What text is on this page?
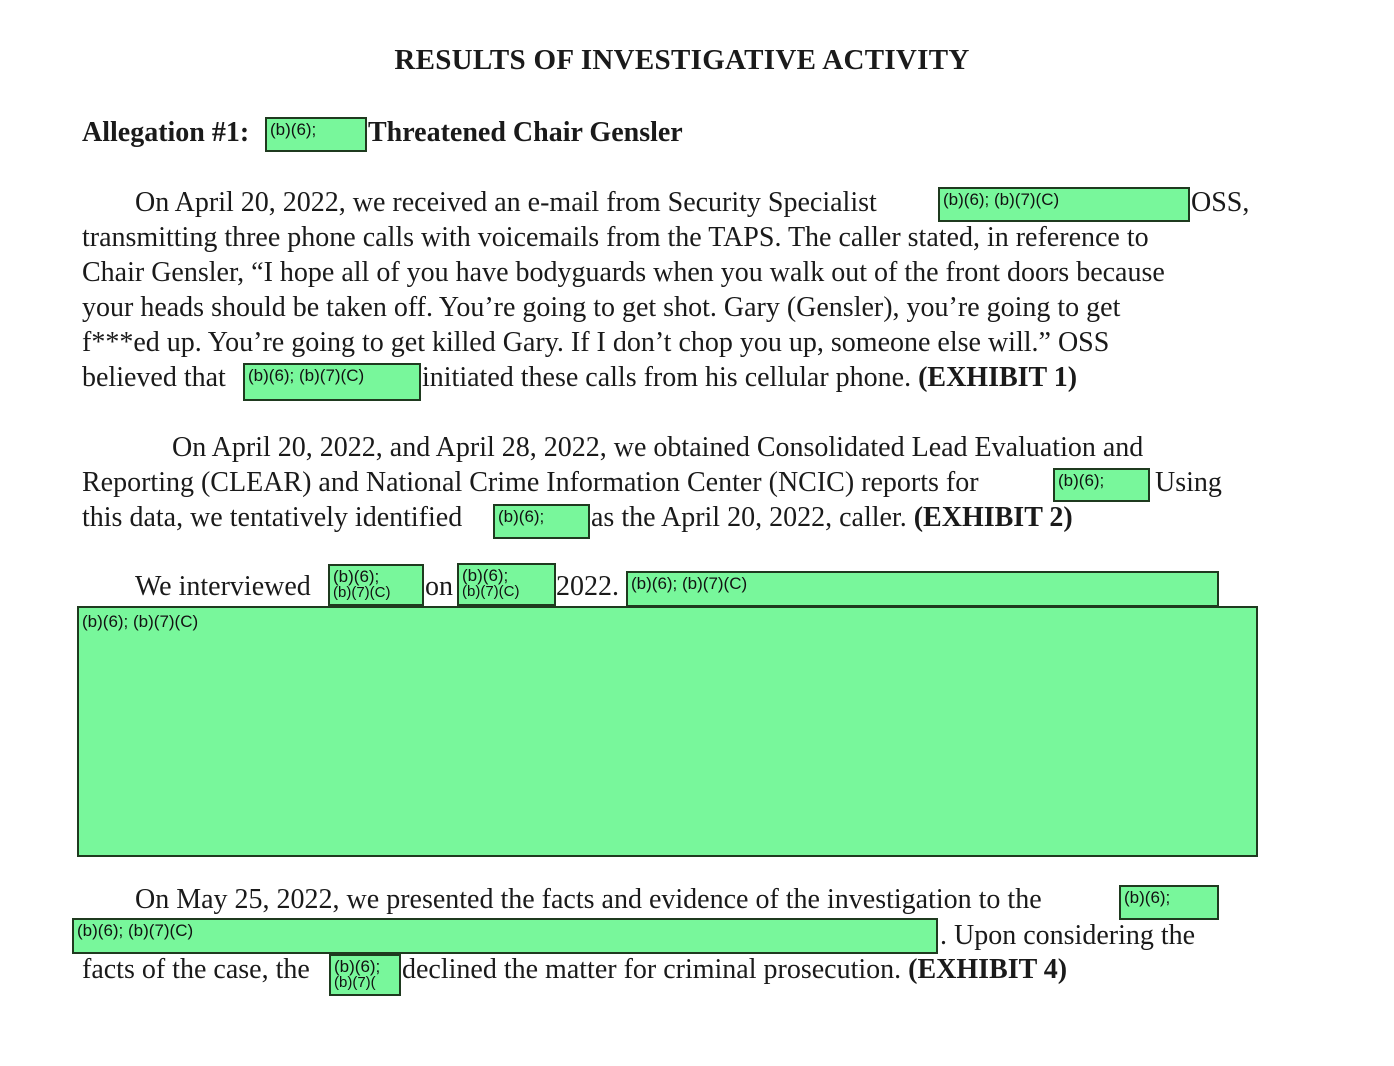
RESULTS OF INVESTIGATIVE ACTIVITY
Allegation #1: (b)(6);	Threatened Chair Gensler
On April 20, 2022, we received an e-mail from Security Specialist	(b)(6); (b)(7)(C)	OSS,
transmitting three phone calls with voicemails from the TAPS. The caller stated, in reference to
Chair Gensler, “I hope all of you have bodyguards when you walk out of the front doors because
your heads should be taken off. You’re going to get shot. Gary (Gensler), you’re going to get
f***ed up. You’re going to get killed Gary. If I don’t chop you up, someone else will.” OSS
believed that (b)(6); (b)(7)(C)	initiated these calls from his cellular phone. (EXHIBIT 1)
On April 20, 2022, and April 28, 2022, we obtained Consolidated Lead Evaluation and
Reporting (CLEAR) and National Crime Information Center (NCIC) reports for	(b)(6);	Using
this data, we tentatively identified (b)(6);	as the April 20, 2022, caller. (EXHIBIT 2)
We interviewed (b)(6);
(b)(7)(C)	on (b)(6);
(b)(7)(C)	2022. (b)(6); (b)(7)(C)
(b)(6); (b)(7)(C)
On May 25, 2022, we presented the facts and evidence of the investigation to the	(b)(6);
(b)(6); (b)(7)(C)	. Upon considering the
facts of the case, the (b)(6);
(b)(7)( declined the matter for criminal prosecution. (EXHIBIT 4)
